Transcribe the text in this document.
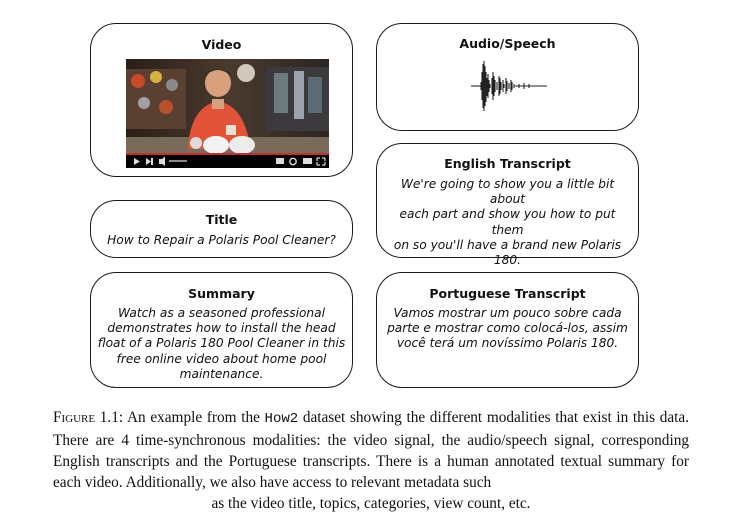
Video	Audio/Speech
Title
How to Repair a Polaris Pool Cleaner?
English Transcript
We're going to show you a little bit about
each part and show you how to put them
on so you'll have a brand new Polaris
180.
Summary
Watch as a seasoned professional
demonstrates how to install the head
float of a Polaris 180 Pool Cleaner in this
free online video about home pool
maintenance.
Portuguese Transcript
Vamos mostrar um pouco sobre cada
parte e mostrar como colocá-los, assim
você terá um novíssimo Polaris 180.
Figure 1.1: An example from the How2 dataset showing the different modalities that exist in this data. There are 4 time-synchronous modalities: the video signal, the audio/speech signal, corresponding English transcripts and the Portuguese transcripts. There is a human annotated textual summary for each video. Additionally, we also have access to relevant metadata such
as the video title, topics, categories, view count, etc.
